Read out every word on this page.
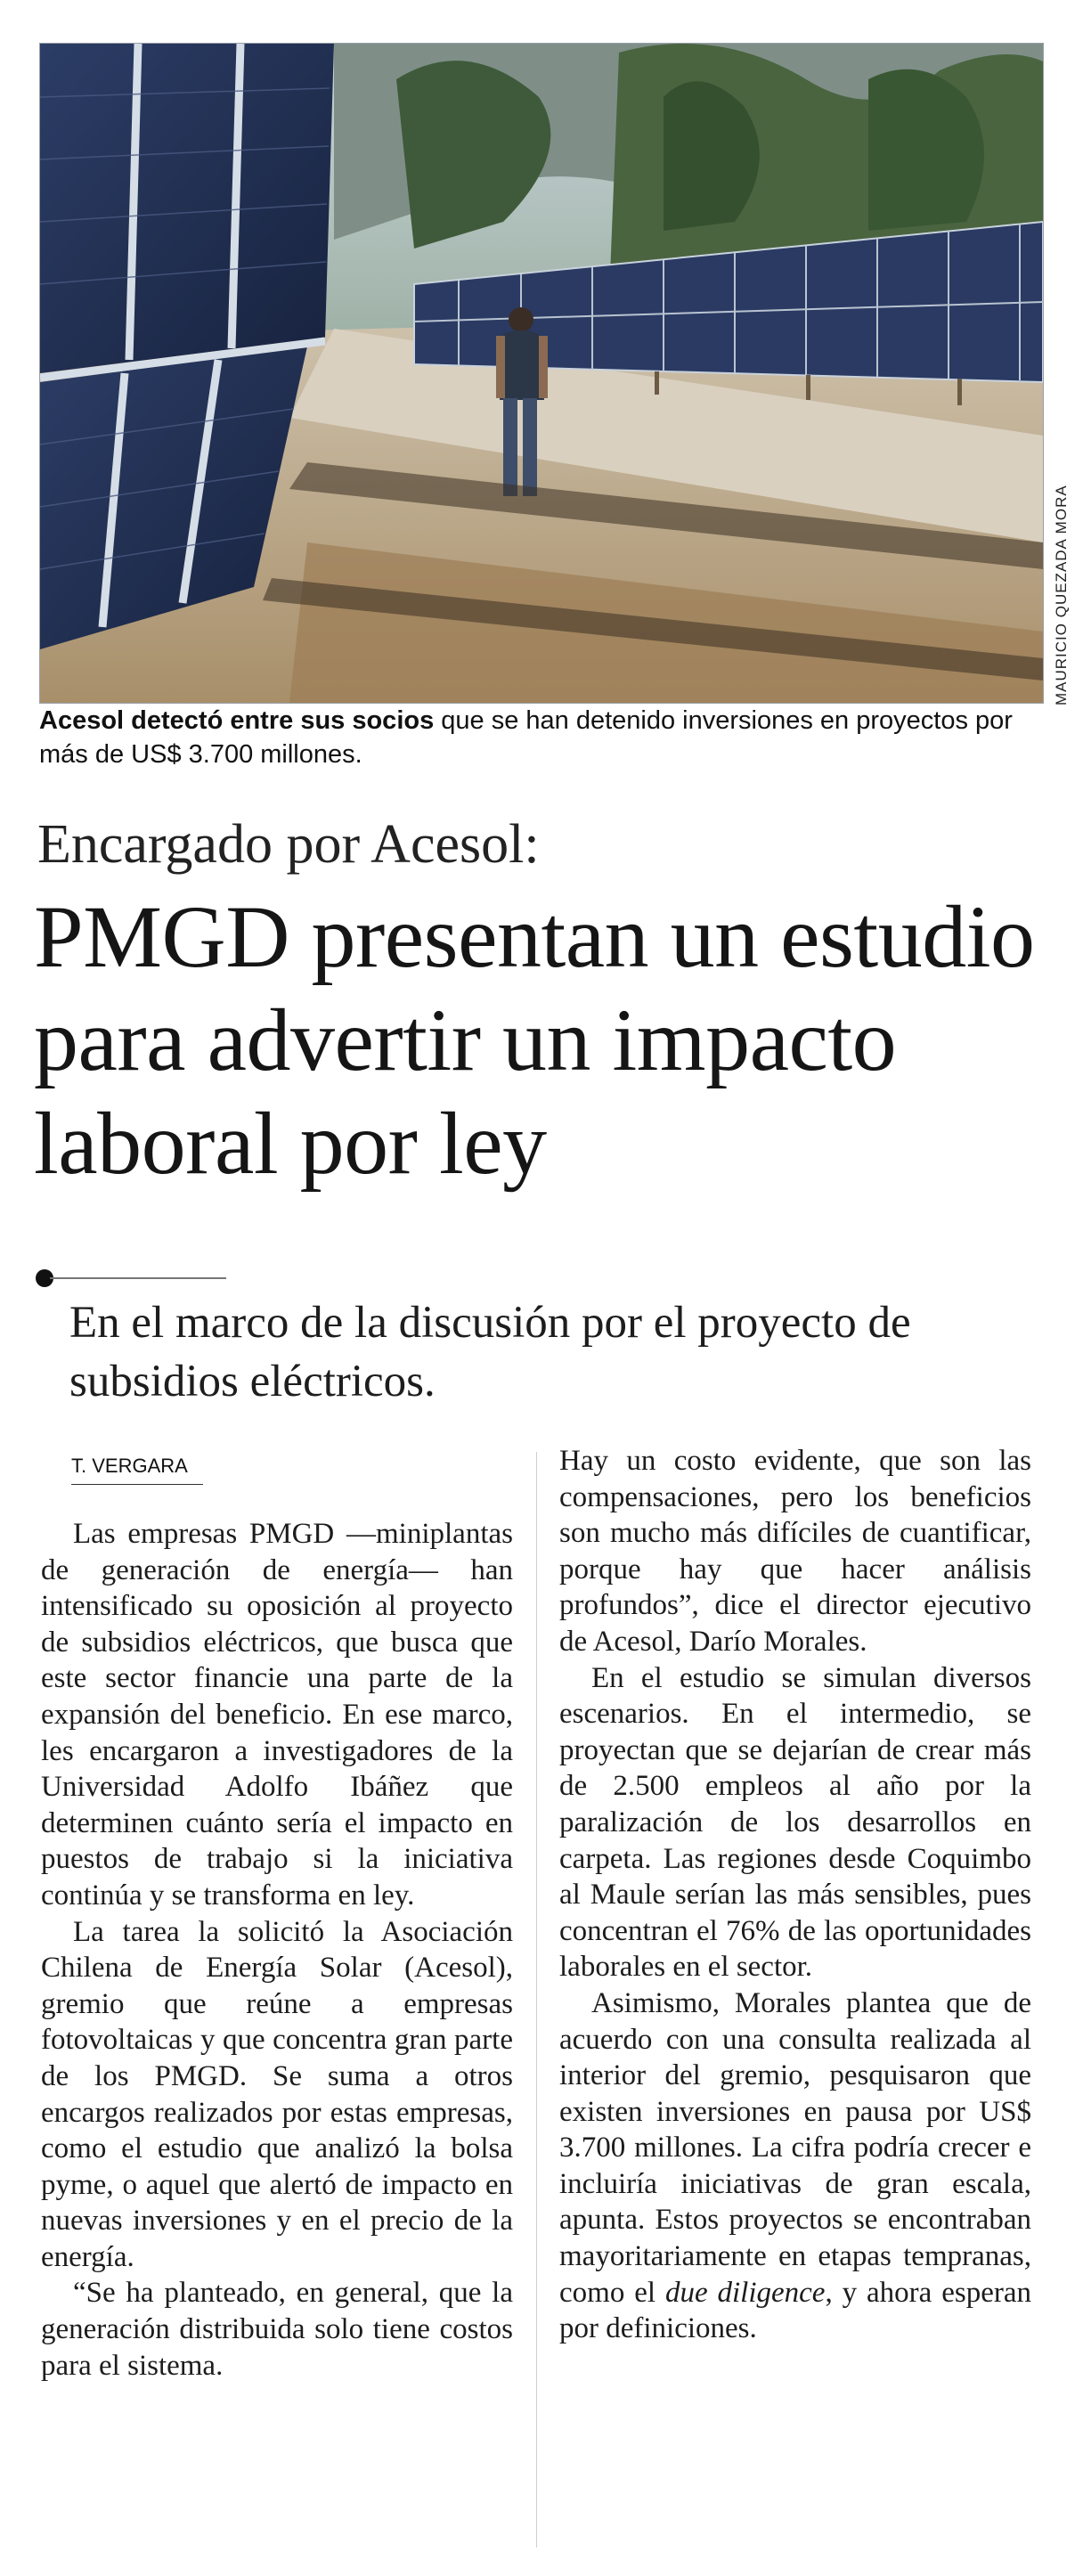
MAURICIO QUEZADA MORA
Acesol detectó entre sus socios que se han detenido inversiones en proyectos por más de US$ 3.700 millones.
Encargado por Acesol:
PMGD presentan un estudio para advertir un impacto laboral por ley
En el marco de la discusión por el proyecto de subsidios eléctricos.
T. VERGARA

Las empresas PMGD —miniplantas de generación de energía— han intensificado su oposición al proyecto de subsidios eléctricos, que busca que este sector financie una parte de la expansión del beneficio. En ese marco, les encargaron a investigadores de la Universidad Adolfo Ibáñez que determinen cuánto sería el impacto en puestos de trabajo si la iniciativa continúa y se transforma en ley.

La tarea la solicitó la Asociación Chilena de Energía Solar (Acesol), gremio que reúne a empresas fotovoltaicas y que concentra gran parte de los PMGD. Se suma a otros encargos realizados por estas empresas, como el estudio que analizó la bolsa pyme, o aquel que alertó de impacto en nuevas inversiones y en el precio de la energía.

“Se ha planteado, en general, que la generación distribuida solo tiene costos para el sistema.

Hay un costo evidente, que son las compensaciones, pero los beneficios son mucho más difíciles de cuantificar, porque hay que hacer análisis profundos”, dice el director ejecutivo de Acesol, Darío Morales.

En el estudio se simulan diversos escenarios. En el intermedio, se proyectan que se dejarían de crear más de 2.500 empleos al año por la paralización de los desarrollos en carpeta. Las regiones desde Coquimbo al Maule serían las más sensibles, pues concentran el 76% de las oportunidades laborales en el sector.

Asimismo, Morales plantea que de acuerdo con una consulta realizada al interior del gremio, pesquisaron que existen inversiones en pausa por US$ 3.700 millones. La cifra podría crecer e incluiría iniciativas de gran escala, apunta. Estos proyectos se encontraban mayoritariamente en etapas tempranas, como el due diligence, y ahora esperan por definiciones.
